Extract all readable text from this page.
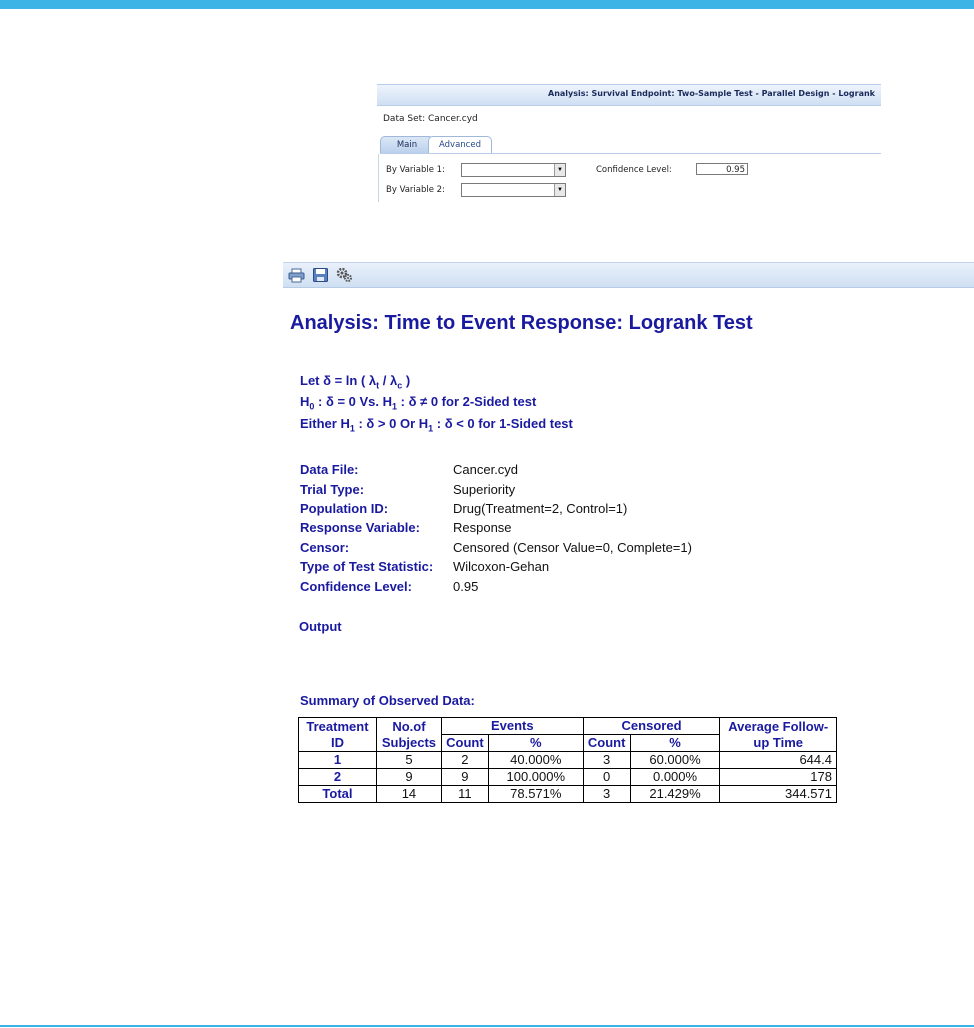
Analysis: Survival Endpoint: Two-Sample Test - Parallel Design - Logrank
Data Set: Cancer.cyd
Main	Advanced
By Variable 1:	▼
By Variable 2:	▼
Confidence Level:	0.95
Analysis: Time to Event Response: Logrank Test
Let δ = ln ( $\lambda_t / \lambda_c$ )
$H_0$ : δ = 0 Vs. $H_1$ : δ ≠ 0 for 2-Sided test
Either $H_1$ : δ > 0 Or $H_1$ : δ < 0 for 1-Sided test
Data File:	Cancer.cyd
Trial Type:	Superiority
Population ID:	Drug(Treatment=2, Control=1)
Response Variable:	Response
Censor:	Censored (Censor Value=0, Complete=1)
Type of Test Statistic: Wilcoxon-Gehan
Confidence Level:	0.95
Output
Summary of Observed Data:
Treatment ID	No.of Subjects	Events		Censored		Average Follow-up Time
		Count	%	Count	%	
1	5	2	40.000%	3	60.000%	644.4
2	9	9	100.000%	0	0.000%	178
Total	14	11	78.571%	3	21.429%	344.571
